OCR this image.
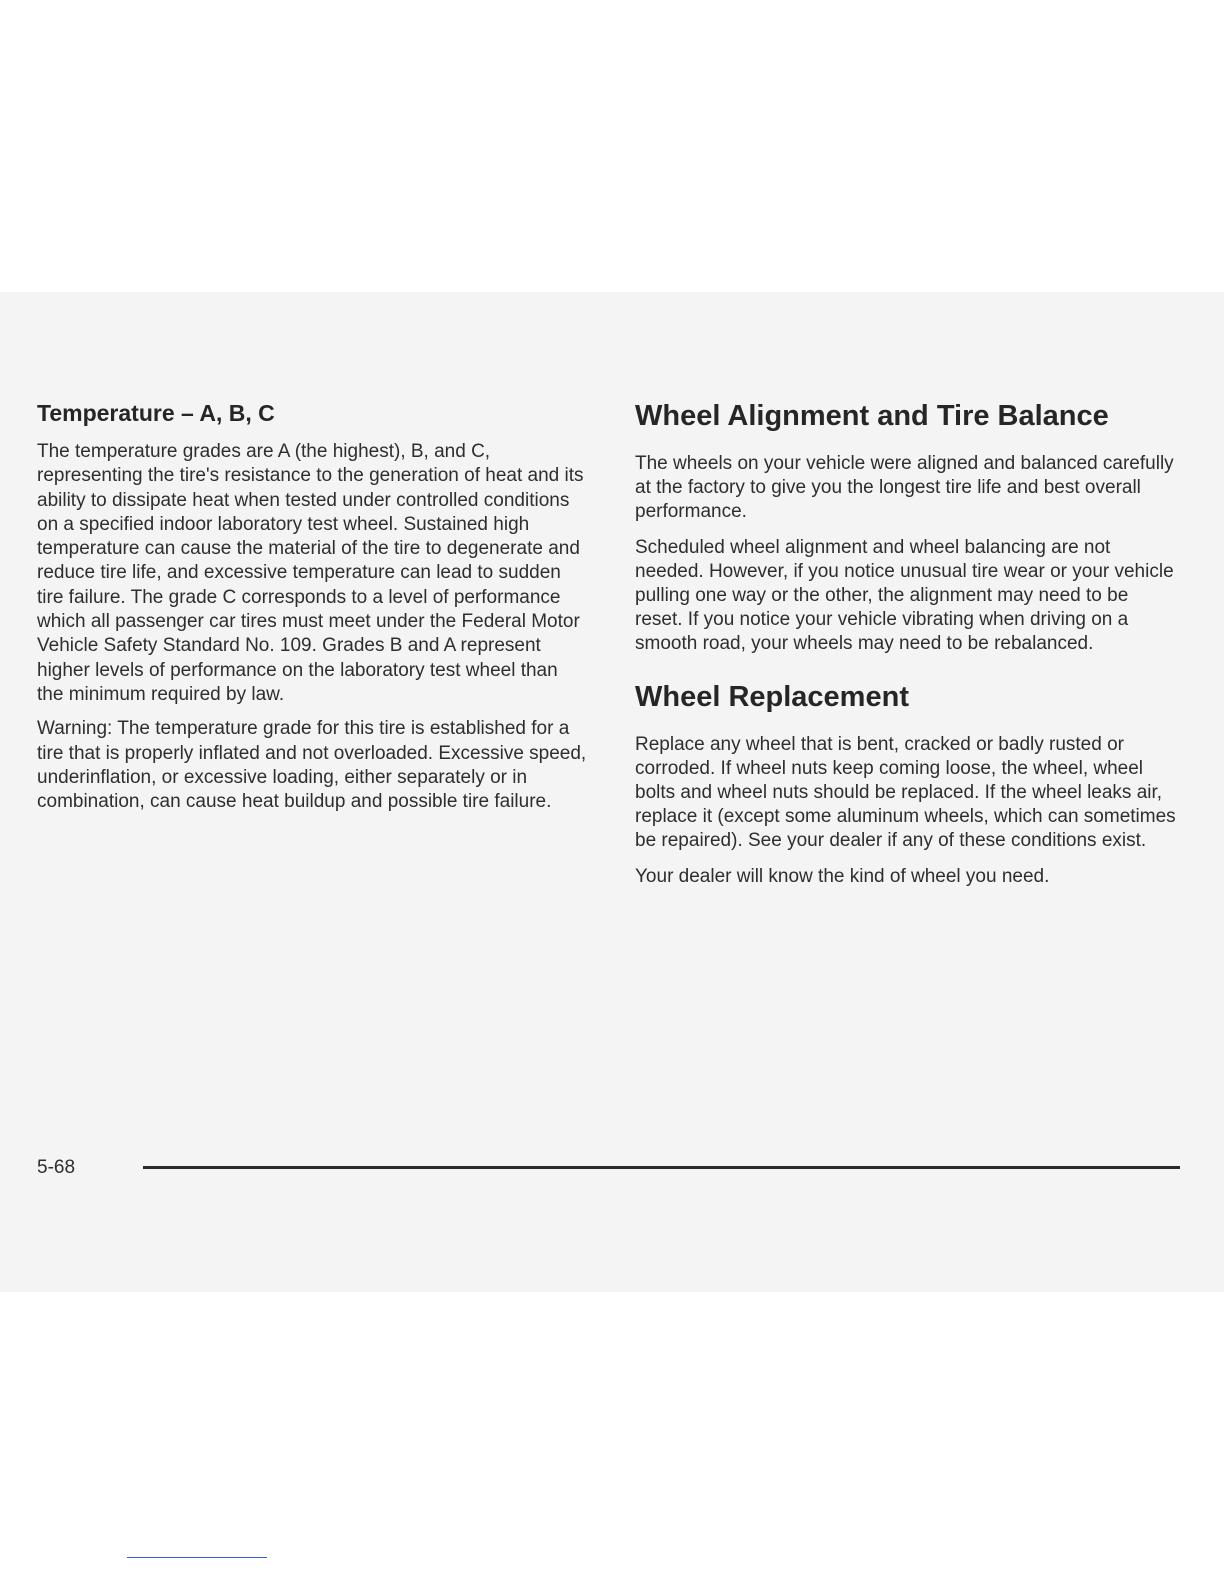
Temperature – A, B, C

The temperature grades are A (the highest), B, and C, representing the tire's resistance to the generation of heat and its ability to dissipate heat when tested under controlled conditions on a specified indoor laboratory test wheel. Sustained high temperature can cause the material of the tire to degenerate and reduce tire life, and excessive temperature can lead to sudden tire failure. The grade C corresponds to a level of performance which all passenger car tires must meet under the Federal Motor Vehicle Safety Standard No. 109. Grades B and A represent higher levels of performance on the laboratory test wheel than the minimum required by law.

Warning: The temperature grade for this tire is established for a tire that is properly inflated and not overloaded. Excessive speed, underinflation, or excessive loading, either separately or in combination, can cause heat buildup and possible tire failure.

Wheel Alignment and Tire Balance

The wheels on your vehicle were aligned and balanced carefully at the factory to give you the longest tire life and best overall performance.

Scheduled wheel alignment and wheel balancing are not needed. However, if you notice unusual tire wear or your vehicle pulling one way or the other, the alignment may need to be reset. If you notice your vehicle vibrating when driving on a smooth road, your wheels may need to be rebalanced.

Wheel Replacement

Replace any wheel that is bent, cracked or badly rusted or corroded. If wheel nuts keep coming loose, the wheel, wheel bolts and wheel nuts should be replaced. If the wheel leaks air, replace it (except some aluminum wheels, which can sometimes be repaired). See your dealer if any of these conditions exist.

Your dealer will know the kind of wheel you need.

5-68
